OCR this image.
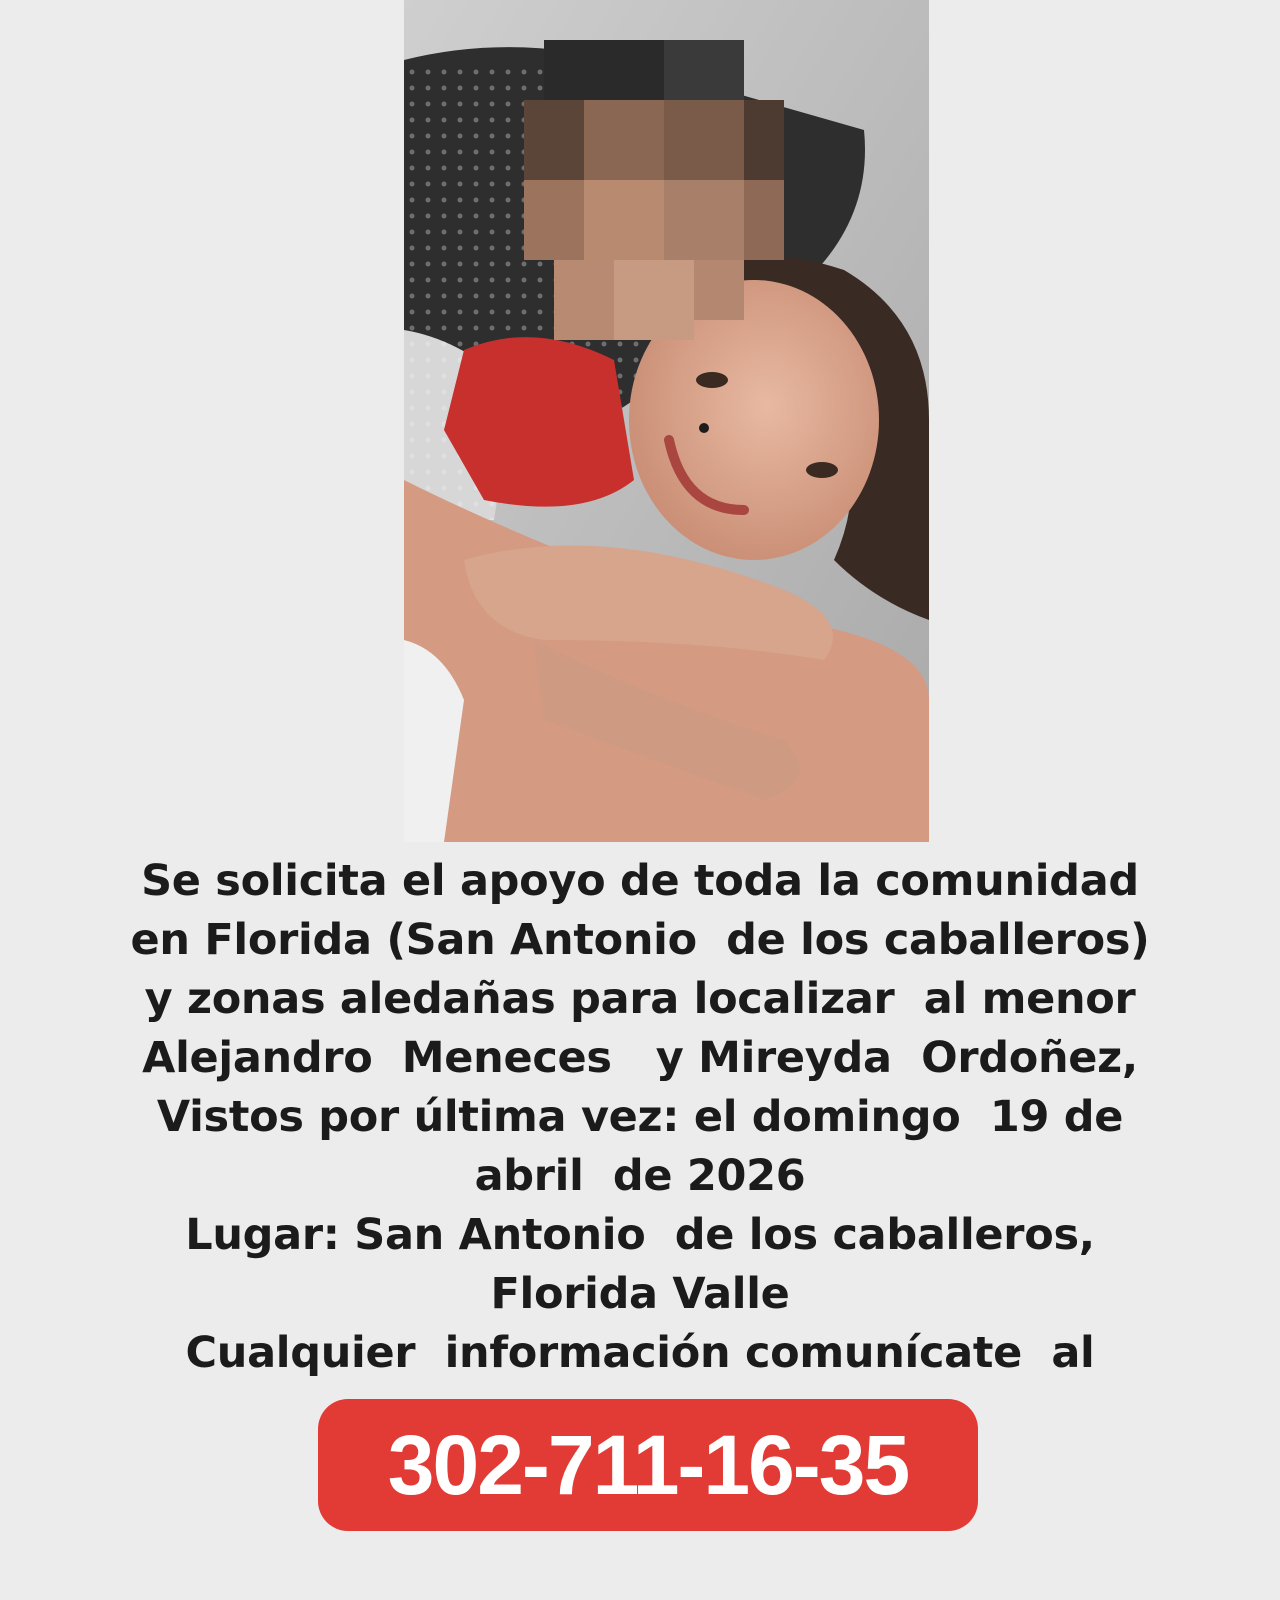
Se solicita el apoyo de toda la comunidad
en Florida (San Antonio  de los caballeros)
y zonas aledañas para localizar  al menor
Alejandro  Meneces   y Mireyda  Ordoñez,
Vistos por última vez: el domingo  19 de
abril  de 2026
Lugar: San Antonio  de los caballeros,
Florida Valle
Cualquier  información comunícate  al

302-711-16-35
